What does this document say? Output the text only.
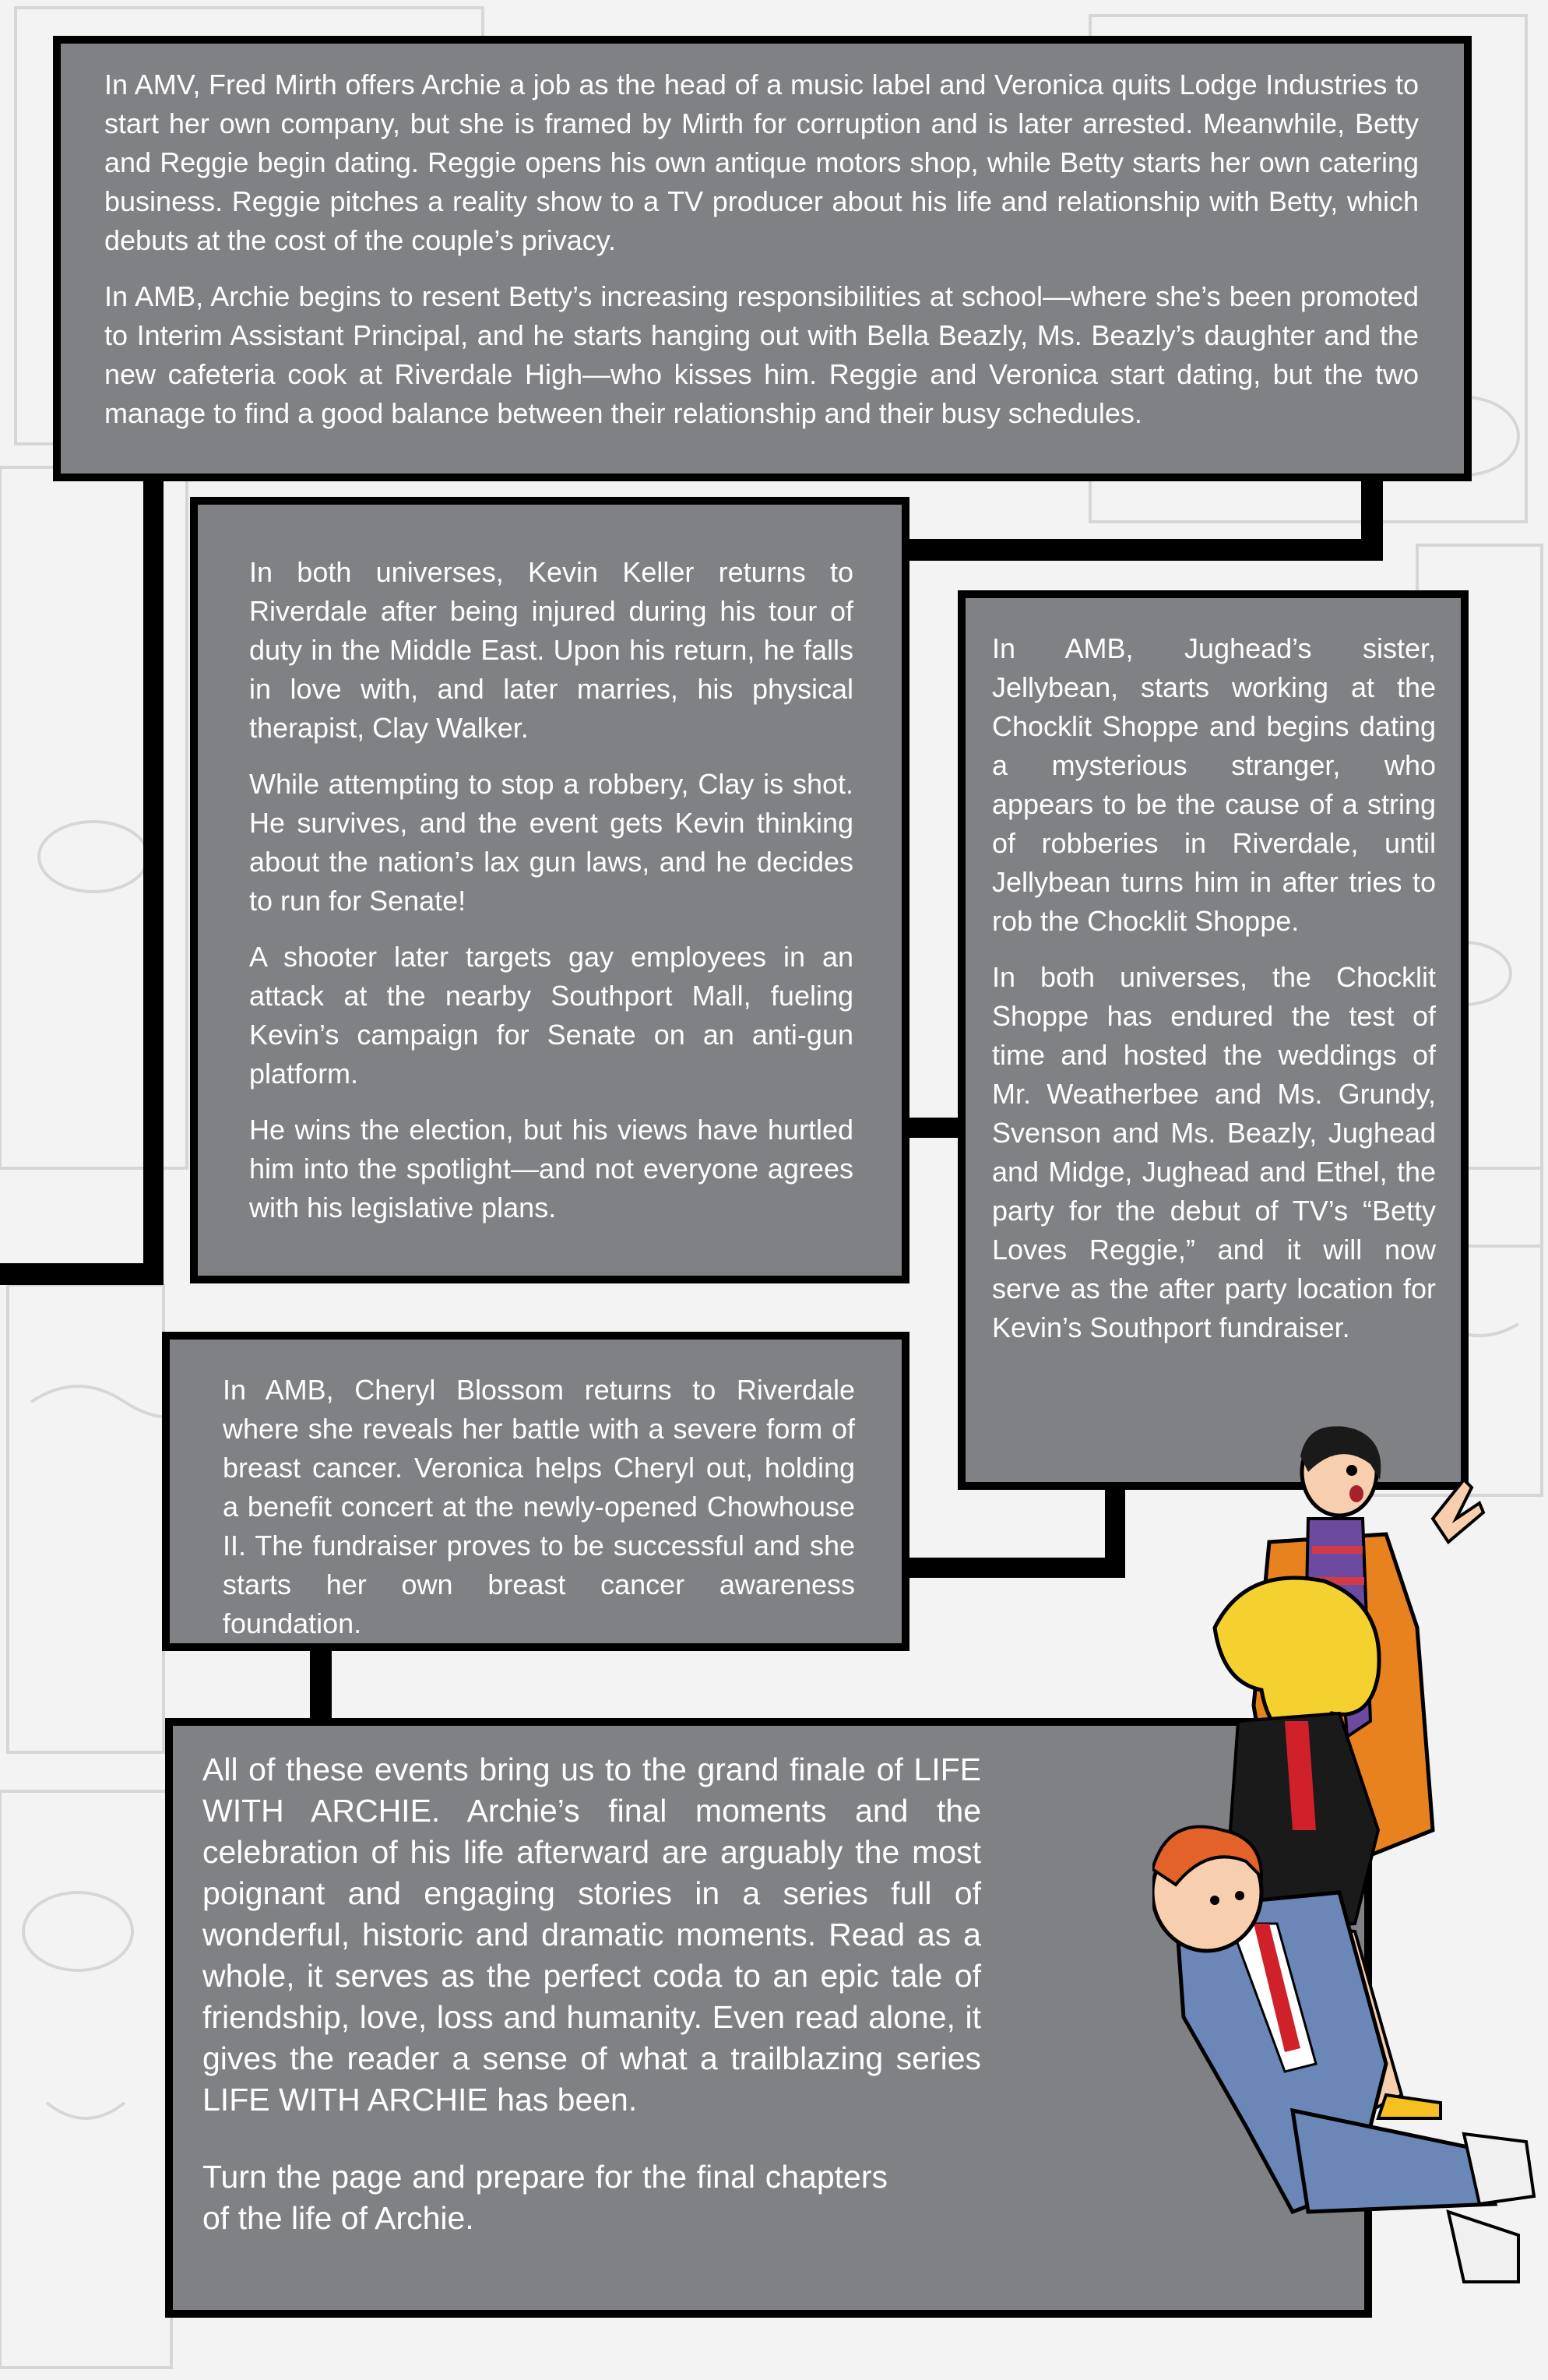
In AMV, Fred Mirth offers Archie a job as the head of a music label and Veronica quits Lodge Industries to start her own company, but she is framed by Mirth for corruption and is later arrested. Meanwhile, Betty and Reggie begin dating. Reggie opens his own antique motors shop, while Betty starts her own catering business. Reggie pitches a reality show to a TV producer about his life and relationship with Betty, which debuts at the cost of the couple’s privacy.

In AMB, Archie begins to resent Betty’s increasing responsibilities at school—where she’s been promoted to Interim Assistant Principal, and he starts hanging out with Bella Beazly, Ms. Beazly’s daughter and the new cafeteria cook at Riverdale High—who kisses him. Reggie and Veronica start dating, but the two manage to find a good balance between their relationship and their busy schedules.

In both universes, Kevin Keller returns to Riverdale after being injured during his tour of duty in the Middle East. Upon his return, he falls in love with, and later marries, his physical therapist, Clay Walker.

While attempting to stop a robbery, Clay is shot. He survives, and the event gets Kevin thinking about the nation’s lax gun laws, and he decides to run for Senate!

A shooter later targets gay employees in an attack at the nearby Southport Mall, fueling Kevin’s campaign for Senate on an anti-gun platform.

He wins the election, but his views have hurtled him into the spotlight—and not everyone agrees with his legislative plans.

In AMB, Jughead’s sister, Jellybean, starts working at the Chocklit Shoppe and begins dating a mysterious stranger, who appears to be the cause of a string of robberies in Riverdale, until Jellybean turns him in after tries to rob the Chocklit Shoppe.

In both universes, the Chocklit Shoppe has endured the test of time and hosted the weddings of Mr. Weatherbee and Ms. Grundy, Svenson and Ms. Beazly, Jughead and Midge, Jughead and Ethel, the party for the debut of TV’s “Betty Loves Reggie,” and it will now serve as the after party location for Kevin’s Southport fundraiser.

In AMB, Cheryl Blossom returns to Riverdale where she reveals her battle with a severe form of breast cancer. Veronica helps Cheryl out, holding a benefit concert at the newly-opened Chowhouse II. The fundraiser proves to be successful and she starts her own breast cancer awareness foundation.

All of these events bring us to the grand finale of LIFE WITH ARCHIE. Archie’s final moments and the celebration of his life afterward are arguably the most poignant and engaging stories in a series full of wonderful, historic and dramatic moments. Read as a whole, it serves as the perfect coda to an epic tale of friendship, love, loss and humanity. Even read alone, it gives the reader a sense of what a trailblazing series LIFE WITH ARCHIE has been.

Turn the page and prepare for the final chapters of the life of Archie.
